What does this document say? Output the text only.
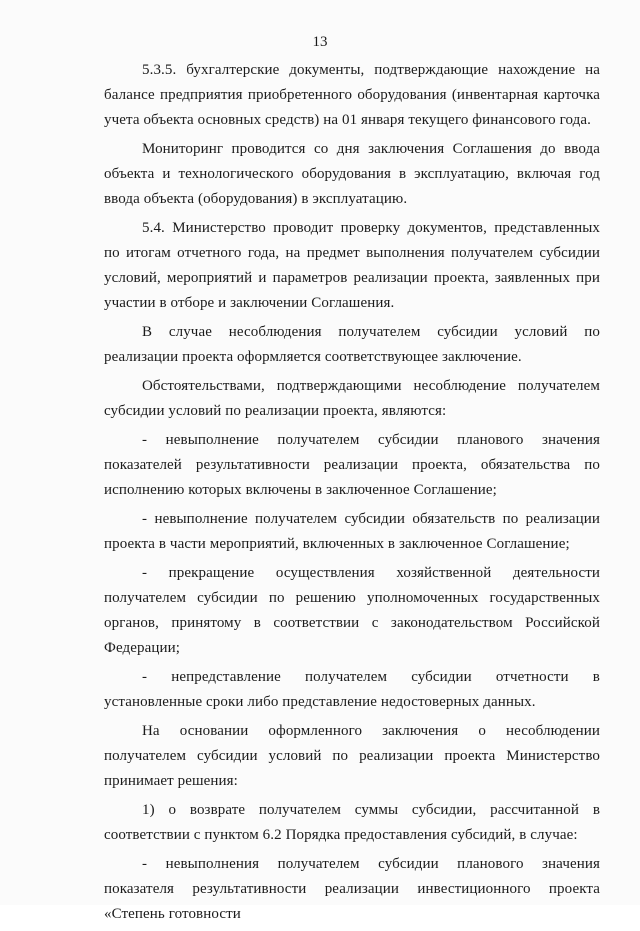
13

5.3.5. бухгалтерские документы, подтверждающие нахождение на балансе предприятия приобретенного оборудования (инвентарная карточка учета объекта основных средств) на 01 января текущего финансового года.

Мониторинг проводится со дня заключения Соглашения до ввода объекта и технологического оборудования в эксплуатацию, включая год ввода объекта (оборудования) в эксплуатацию.

5.4. Министерство проводит проверку документов, представленных по итогам отчетного года, на предмет выполнения получателем субсидии условий, мероприятий и параметров реализации проекта, заявленных при участии в отборе и заключении Соглашения.

В случае несоблюдения получателем субсидии условий по реализации проекта оформляется соответствующее заключение.

Обстоятельствами, подтверждающими несоблюдение получателем субсидии условий по реализации проекта, являются:

- невыполнение получателем субсидии планового значения показателей результативности реализации проекта, обязательства по исполнению которых включены в заключенное Соглашение;

- невыполнение получателем субсидии обязательств по реализации проекта в части мероприятий, включенных в заключенное Соглашение;

- прекращение осуществления хозяйственной деятельности получателем субсидии по решению уполномоченных государственных органов, принятому в соответствии с законодательством Российской Федерации;

- непредставление получателем субсидии отчетности в установленные сроки либо представление недостоверных данных.

На основании оформленного заключения о несоблюдении получателем субсидии условий по реализации проекта Министерство принимает решения:

1) о возврате получателем суммы субсидии, рассчитанной в соответствии с пунктом 6.2 Порядка предоставления субсидий, в случае:

- невыполнения получателем субсидии планового значения показателя результативности реализации инвестиционного проекта «Степень готовности
